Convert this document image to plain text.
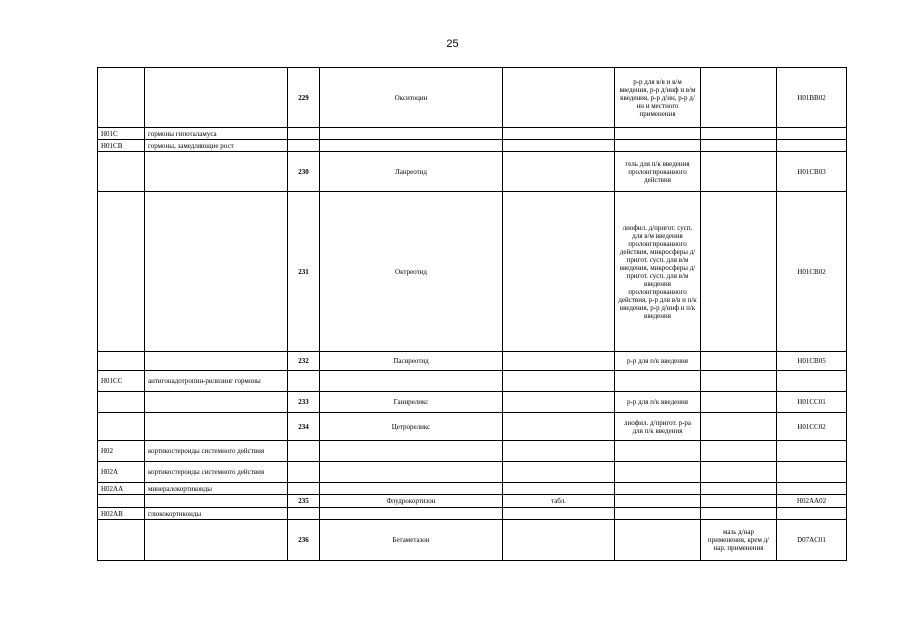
25
		229	Окситоцин		р-р для в/в и в/м введения, р-р д/инф и в/м введения, р-р д/ин, р-р д/ин и местного применения		H01BB02
H01C	гормоны гипоталамуса						
H01CB	гормоны, замедляющие рост						
		230	Ланреотид		гель для п/к введения пролонгированного действия		H01CB03
		231	Октреотид		лиофил. д/пригот. сусп. для в/м введения пролонгированного действия, микросферы д/пригот. сусп. для в/м введения, микросферы д/пригот. сусп. для в/м введения пролонгированного действия, р-р для в/в и п/к введения, р-р д/инф и п/к введения		H01CB02
		232	Пасиреотид		р-р для п/к введения		H01CB05
H01CC	антигонадотропин-рилизинг гормоны						
		233	Ганиреликс		р-р для п/к введения		H01CC01
		234	Цетрореликс		лиофил. д/пригот. р-ра для п/к введения		H01CC02
H02	кортикостероиды системного действия						
H02A	кортикостероиды системного действия						
H02AA	минералокортикоиды						
		235	Флудрокортизон	табл.			H02AA02
H02AB	глюкокортикоиды						
		236	Бетаметазон			мазь д/нар применения, крем д/нар. применения	D07AC01
